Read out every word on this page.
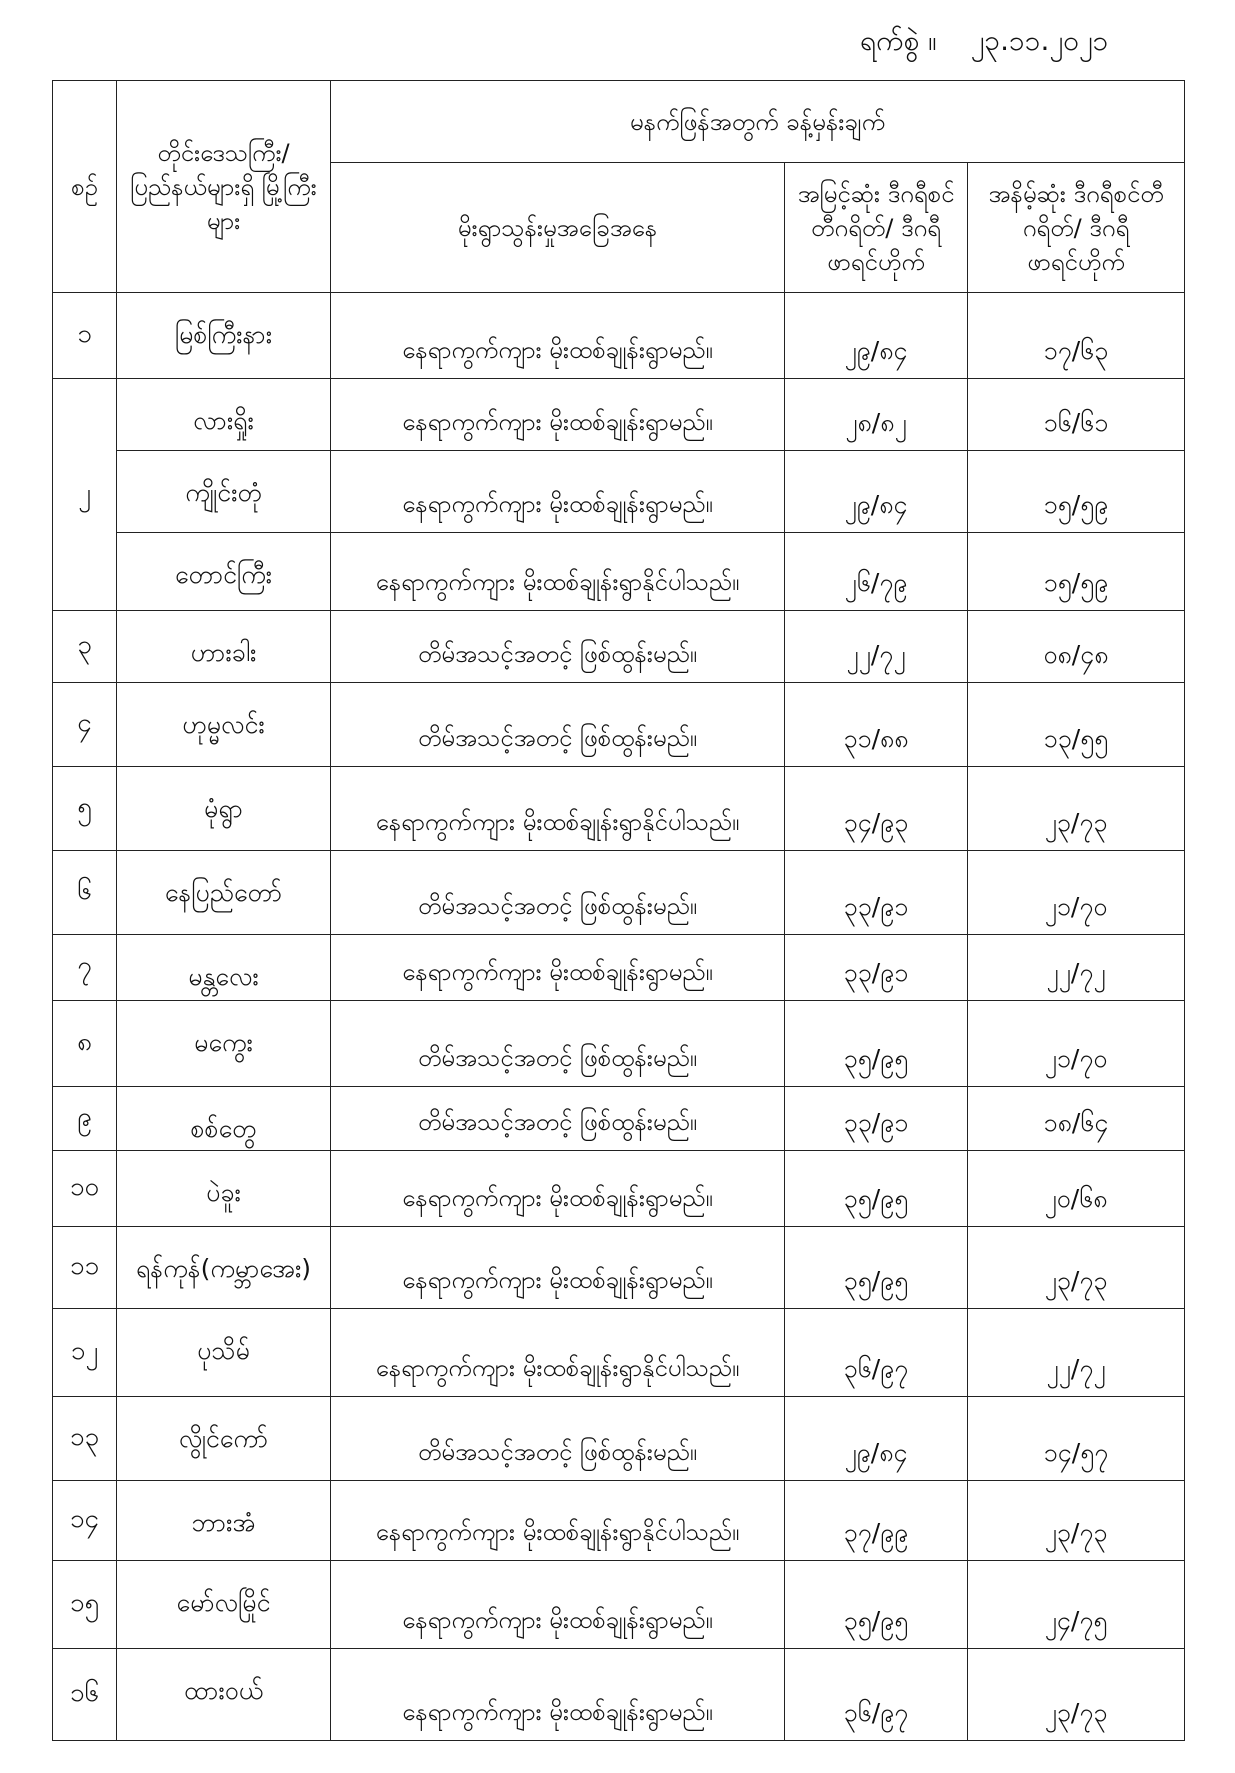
ရက်စွဲ ။ ၂၃.၁၁.၂၀၂၁
စဉ်	တိုင်းဒေသကြီး/ ပြည်နယ်များရှိ မြို့ကြီးများ	မနက်ဖြန်အတွက် ခန့်မှန်းချက်		
		မိုးရွာသွန်းမှုအခြေအနေ	အမြင့်ဆုံး ဒီဂရီစင်တီဂရိတ်/ ဒီဂရီဖာရင်ဟိုက်	အနိမ့်ဆုံး ဒီဂရီစင်တီဂရိတ်/ ဒီဂရီဖာရင်ဟိုက်
၁	မြစ်ကြီးနား	နေရာကွက်ကျား မိုးထစ်ချုန်းရွာမည်။	၂၉/၈၄	၁၇/၆၃
၂	လားရှိုး	နေရာကွက်ကျား မိုးထစ်ချုန်းရွာမည်။	၂၈/၈၂	၁၆/၆၁
	ကျိုင်းတုံ	နေရာကွက်ကျား မိုးထစ်ချုန်းရွာမည်။	၂၉/၈၄	၁၅/၅၉
	တောင်ကြီး	နေရာကွက်ကျား မိုးထစ်ချုန်းရွာနိုင်ပါသည်။	၂၆/၇၉	၁၅/၅၉
၃	ဟားခါး	တိမ်အသင့်အတင့် ဖြစ်ထွန်းမည်။	၂၂/၇၂	၀၈/၄၈
၄	ဟုမ္မလင်း	တိမ်အသင့်အတင့် ဖြစ်ထွန်းမည်။	၃၁/၈၈	၁၃/၅၅
၅	မုံရွာ	နေရာကွက်ကျား မိုးထစ်ချုန်းရွာနိုင်ပါသည်။	၃၄/၉၃	၂၃/၇၃
၆	နေပြည်တော်	တိမ်အသင့်အတင့် ဖြစ်ထွန်းမည်။	၃၃/၉၁	၂၁/၇၀
၇	မန္တလေး	နေရာကွက်ကျား မိုးထစ်ချုန်းရွာမည်။	၃၃/၉၁	၂၂/၇၂
၈	မကွေး	တိမ်အသင့်အတင့် ဖြစ်ထွန်းမည်။	၃၅/၉၅	၂၁/၇၀
၉	စစ်တွေ	တိမ်အသင့်အတင့် ဖြစ်ထွန်းမည်။	၃၃/၉၁	၁၈/၆၄
၁၀	ပဲခူး	နေရာကွက်ကျား မိုးထစ်ချုန်းရွာမည်။	၃၅/၉၅	၂၀/၆၈
၁၁	ရန်ကုန်(ကမ္ဘာအေး)	နေရာကွက်ကျား မိုးထစ်ချုန်းရွာမည်။	၃၅/၉၅	၂၃/၇၃
၁၂	ပုသိမ်	နေရာကွက်ကျား မိုးထစ်ချုန်းရွာနိုင်ပါသည်။	၃၆/၉၇	၂၂/၇၂
၁၃	လွိုင်ကော်	တိမ်အသင့်အတင့် ဖြစ်ထွန်းမည်။	၂၉/၈၄	၁၄/၅၇
၁၄	ဘားအံ	နေရာကွက်ကျား မိုးထစ်ချုန်းရွာနိုင်ပါသည်။	၃၇/၉၉	၂၃/၇၃
၁၅	မော်လမြိုင်	နေရာကွက်ကျား မိုးထစ်ချုန်းရွာမည်။	၃၅/၉၅	၂၄/၇၅
၁၆	ထားဝယ်	နေရာကွက်ကျား မိုးထစ်ချုန်းရွာမည်။	၃၆/၉၇	၂၃/၇၃
